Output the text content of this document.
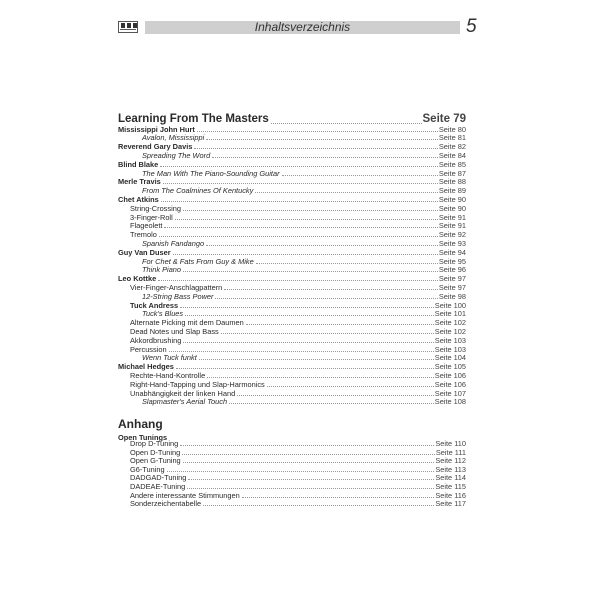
Inhaltsverzeichnis	5
Learning From The Masters	Seite 79
Mississippi John Hurt	Seite 80
Avalon, Mississippi	Seite 81
Reverend Gary Davis	Seite 82
Spreading The Word	Seite 84
Blind Blake	Seite 85
The Man With The Piano-Sounding Guitar	Seite 87
Merle Travis	Seite 88
From The Coalmines Of Kentucky	Seite 89
Chet Atkins	Seite 90
String-Crossing	Seite 90
3-Finger-Roll	Seite 91
Flageolett	Seite 91
Tremolo	Seite 92
Spanish Fandango	Seite 93
Guy Van Duser	Seite 94
For Chet & Fats From Guy & Mike	Seite 95
Think Piano	Seite 96
Leo Kottke	Seite 97
Vier-Finger-Anschlagpattern	Seite 97
12-String Bass Power	Seite 98
Tuck Andress	Seite 100
Tuck's Blues	Seite 101
Alternate Picking mit dem Daumen	Seite 102
Dead Notes und Slap Bass	Seite 102
Akkordbrushing	Seite 103
Percussion	Seite 103
Wenn Tuck funkt	Seite 104
Michael Hedges	Seite 105
Rechte-Hand-Kontrolle	Seite 106
Right-Hand-Tapping und Slap-Harmonics	Seite 106
Unabhängigkeit der linken Hand	Seite 107
Slapmaster's Aerial Touch	Seite 108
Anhang
Open Tunings
Drop D-Tuning	Seite 110
Open D-Tuning	Seite 111
Open G-Tuning	Seite 112
G6-Tuning	Seite 113
DADGAD-Tuning	Seite 114
DADEAE-Tuning	Seite 115
Andere interessante Stimmungen	Seite 116
Sonderzeichentabelle	Seite 117
